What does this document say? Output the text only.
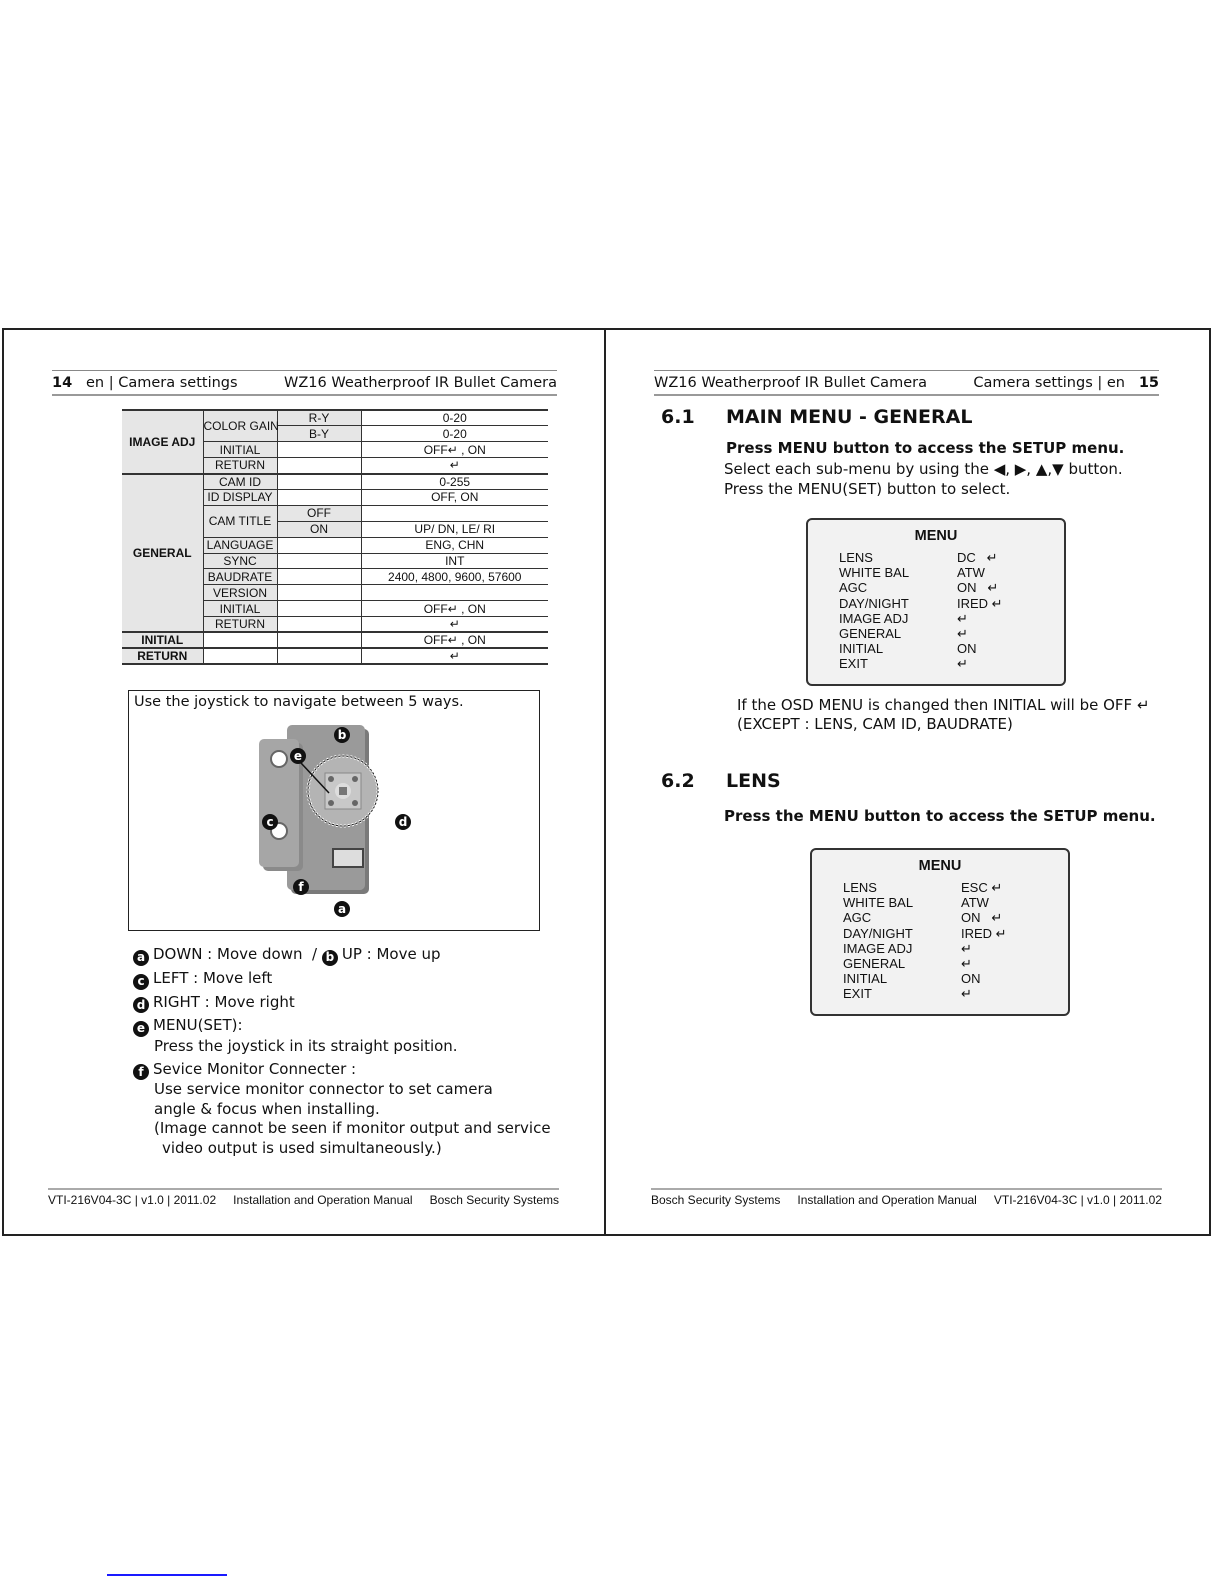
14 en | Camera settings	WZ16 Weatherproof IR Bullet Camera
IMAGE ADJ	COLOR GAIN	R-Y	0-20
		B-Y	0-20
	INITIAL		OFF↵ , ON
	RETURN		↵
GENERAL	CAM ID		0-255
	ID DISPLAY		OFF, ON
	CAM TITLE	OFF	
		ON	UP/ DN, LE/ RI
	LANGUAGE		ENG, CHN
	SYNC		INT
	BAUDRATE		2400, 4800, 9600, 57600
	VERSION		
	INITIAL		OFF↵ , ON
	RETURN		↵
INITIAL			OFF↵ , ON
RETURN			↵
Use the joystick to navigate between 5 ways.
b
e
c	d
f
a
a DOWN : Move down / b UP : Move up
c LEFT : Move left
d RIGHT : Move right
e MENU(SET):
Press the joystick in its straight position.
f Sevice Monitor Connecter :
Use service monitor connector to set camera
angle & focus when installing.
(Image cannot be seen if monitor output and service
video output is used simultaneously.)
VTI-216V04-3C | v1.0 | 2011.02 Installation and Operation Manual Bosch Security Systems
WZ16 Weatherproof IR Bullet Camera	Camera settings | en 15
6.1 MAIN MENU - GENERAL
Press MENU button to access the SETUP menu.
Select each sub-menu by using the ◀, ▶, ▲,▼ button.
Press the MENU(SET) button to select.
MENU
LENS	DC   ↵
WHITE BAL	ATW
AGC	ON   ↵
DAY/NIGHT	IRED ↵
IMAGE ADJ	↵
GENERAL	↵
INITIAL	ON
EXIT	↵
If the OSD MENU is changed then INITIAL will be OFF ↵
(EXCEPT : LENS, CAM ID, BAUDRATE)
6.2 LENS
Press the MENU button to access the SETUP menu.
MENU
LENS	ESC ↵
WHITE BAL	ATW
AGC	ON   ↵
DAY/NIGHT	IRED ↵
IMAGE ADJ	↵
GENERAL	↵
INITIAL	ON
EXIT	↵
Bosch Security Systems Installation and Operation Manual VTI-216V04-3C | v1.0 | 2011.02
